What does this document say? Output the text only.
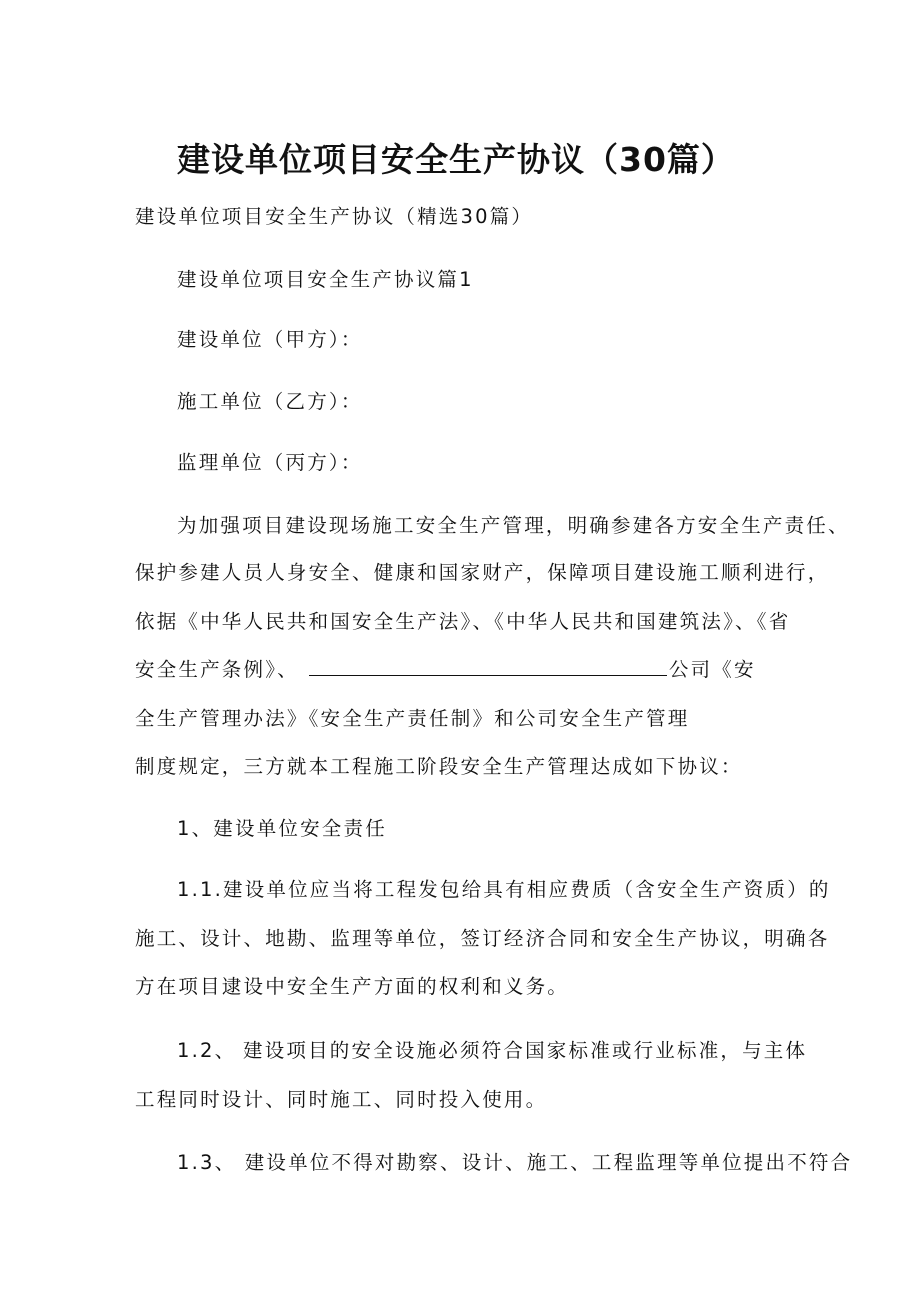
建设单位项目安全生产协议（30篇）
建设单位项目安全生产协议（精选30篇）
建设单位项目安全生产协议篇1
建设单位（甲方）：
施工单位（乙方）：
监理单位（丙方）：
为加强项目建设现场施工安全生产管理，明确参建各方安全生产责任、
保护参建人员人身安全、健康和国家财产，保障项目建设施工顺利进行，
依据《中华人民共和国安全生产法》、《中华人民共和国建筑法》、《省
安全生产条例》、	公司《安
全生产管理办法》《安全生产责任制》和公司安全生产管理
制度规定，三方就本工程施工阶段安全生产管理达成如下协议：
1、建设单位安全责任
1.1.建设单位应当将工程发包给具有相应费质（含安全生产资质）的
施工、设计、地勘、监理等单位，签订经济合同和安全生产协议，明确各
方在项目逮设中安全生产方面的权利和义务。
1.2、 建设项目的安全设施必须符合国家标准或行业标准，与主体
工程同时设计、同时施工、同时投入使用。
1.3、 建设单位不得对勘察、设计、施工、工程监理等单位提出不符合
